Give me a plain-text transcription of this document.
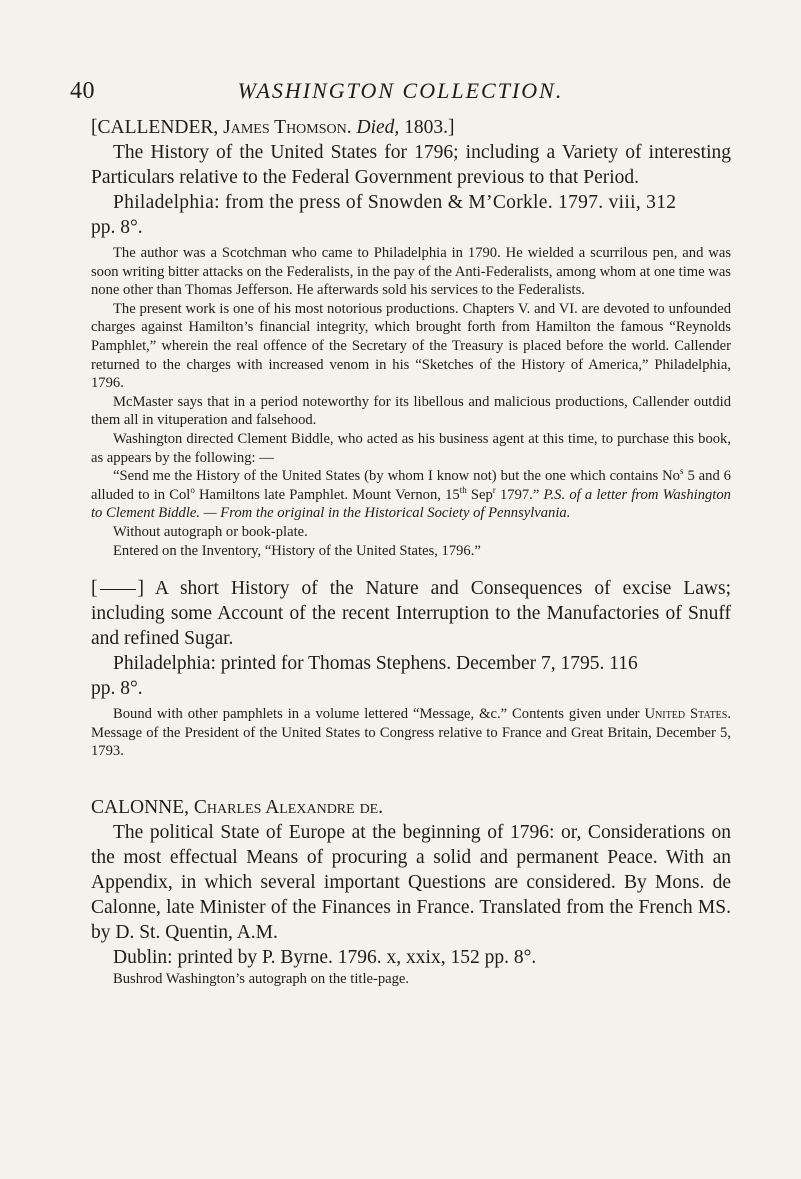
40	WASHINGTON COLLECTION.

[CALLENDER, James Thomson. Died, 1803.]

The History of the United States for 1796; including a Variety of interesting Particulars relative to the Federal Government previous to that Period.

Philadelphia: from the press of Snowden & M’Corkle. 1797. viii, 312

pp. 8°.

The author was a Scotchman who came to Philadelphia in 1790. He wielded a scurrilous pen, and was soon writing bitter attacks on the Federalists, in the pay of the Anti-Federalists, among whom at one time was none other than Thomas Jefferson. He afterwards sold his services to the Federalists.

The present work is one of his most notorious productions. Chapters V. and VI. are devoted to unfounded charges against Hamilton’s financial integrity, which brought forth from Hamilton the famous “Reynolds Pamphlet,” wherein the real offence of the Secretary of the Treasury is placed before the world. Callender returned to the charges with increased venom in his “Sketches of the History of America,” Philadelphia, 1796.

McMaster says that in a period noteworthy for its libellous and malicious productions, Callender outdid them all in vituperation and falsehood.

Washington directed Clement Biddle, who acted as his business agent at this time, to purchase this book, as appears by the following: —

“Send me the History of the United States (by whom I know not) but the one which contains No$^s$ 5 and 6 alluded to in Col$^o$ Hamiltons late Pamphlet. Mount Vernon, 15th Sep$^r$ 1797.” P.S. of a letter from Washington to Clement Biddle. — From the original in the Historical Society of Pennsylvania.

Without autograph or book-plate.

Entered on the Inventory, “History of the United States, 1796.”

[ ] A short History of the Nature and Consequences of excise Laws; including some Account of the recent Interruption to the Manufactories of Snuff and refined Sugar.

Philadelphia: printed for Thomas Stephens. December 7, 1795. 116

pp. 8°.

Bound with other pamphlets in a volume lettered “Message, &c.” Contents given under United States. Message of the President of the United States to Congress relative to France and Great Britain, December 5, 1793.

CALONNE, Charles Alexandre de.

The political State of Europe at the beginning of 1796: or, Considerations on the most effectual Means of procuring a solid and permanent Peace. With an Appendix, in which several important Questions are considered. By Mons. de Calonne, late Minister of the Finances in France. Translated from the French MS. by D. St. Quentin, A.M.

Dublin: printed by P. Byrne. 1796. x, xxix, 152 pp. 8°.

Bushrod Washington’s autograph on the title-page.
